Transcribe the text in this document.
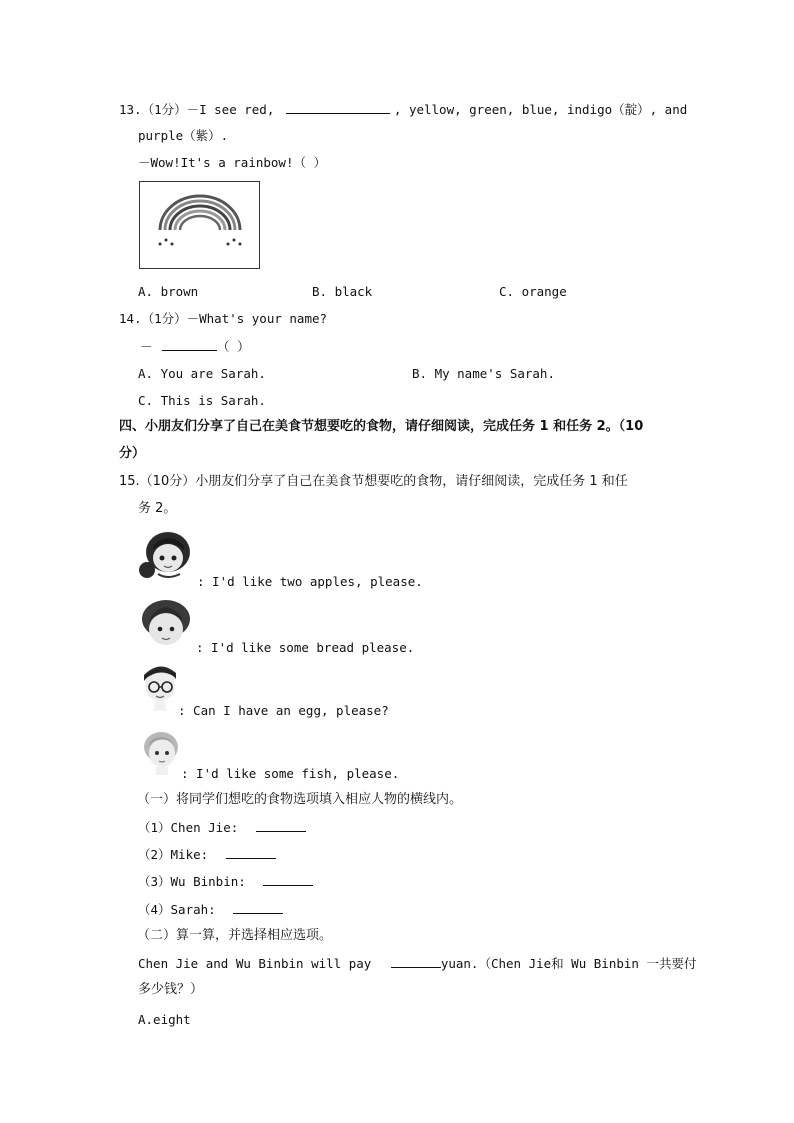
13.（1分）－I see red,	, yellow, green, blue, indigo（靛）, and
purple（紫）.
－Wow!It's a rainbow!（ ）
A. brown	B. black	C. orange
14.（1分）－What's your name?
－	（ ）
A. You are Sarah.	B. My name's Sarah.
C. This is Sarah.
四、小朋友们分享了自己在美食节想要吃的食物，请仔细阅读，完成任务 1 和任务 2。（10
分）
15.（10分）小朋友们分享了自己在美食节想要吃的食物，请仔细阅读，完成任务 1 和任
务 2。
: I'd like two apples, please.
: I'd like some bread please.
: Can I have an egg, please?
: I'd like some fish, please.
（一）将同学们想吃的食物选项填入相应人物的横线内。
（1）Chen Jie:
（2）Mike:
（3）Wu Binbin:
（4）Sarah:
（二）算一算，并选择相应选项。
Chen Jie and Wu Binbin will pay	yuan.（Chen Jie和 Wu Binbin 一共要付
多少钱？）
A.eight
